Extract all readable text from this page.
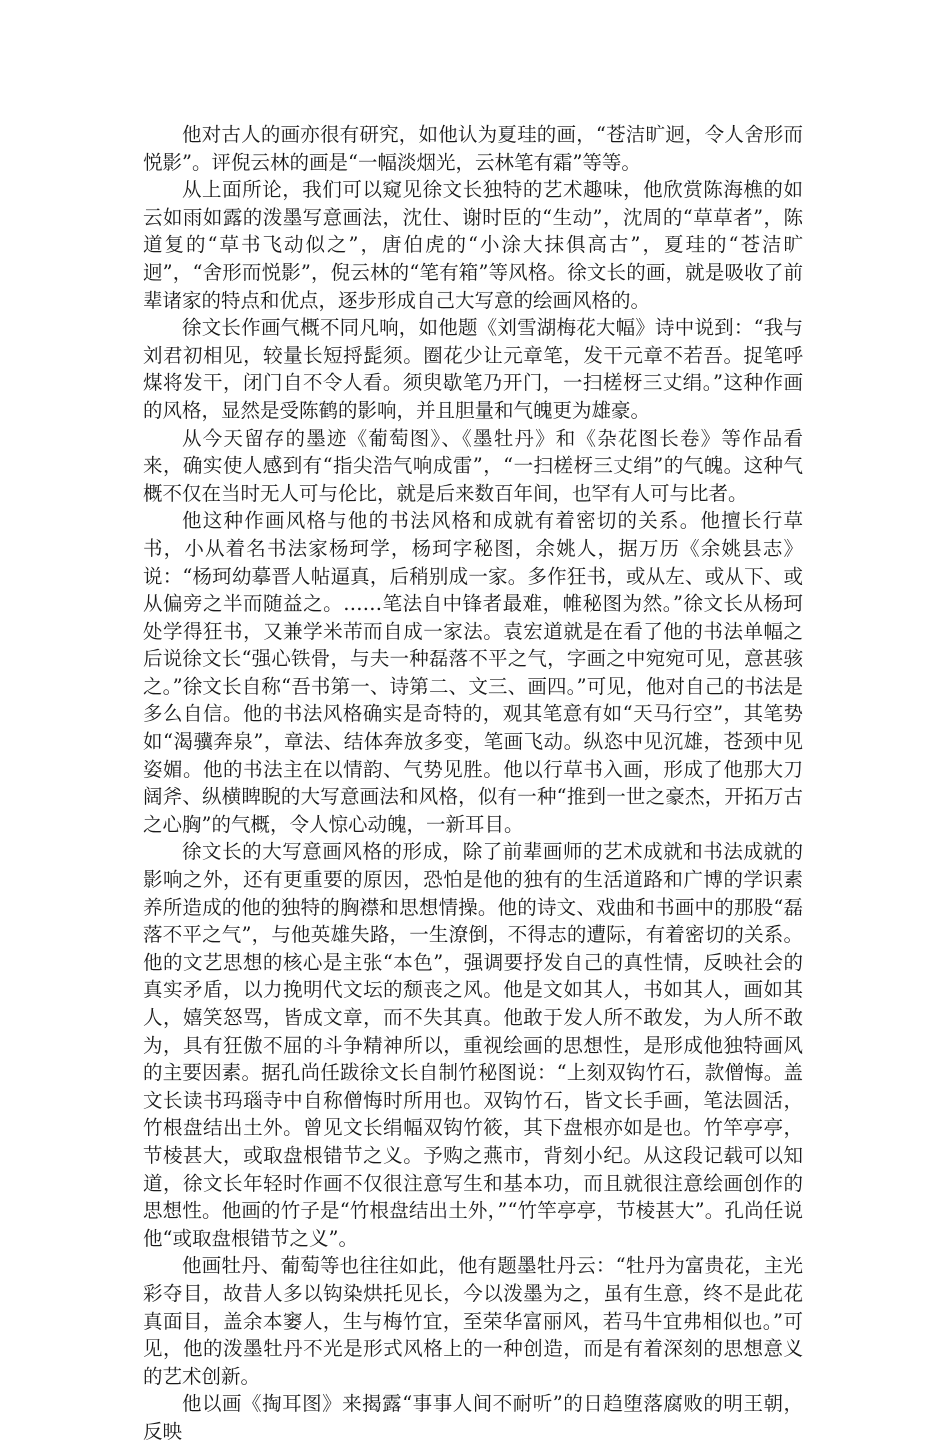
他对古人的画亦很有研究，如他认为夏珪的画，“苍洁旷迥，令人舍形而悦影”。评倪云林的画是“一幅淡烟光，云林笔有霜”等等。

从上面所论，我们可以窥见徐文长独特的艺术趣味，他欣赏陈海樵的如云如雨如露的泼墨写意画法，沈仕、谢时臣的“生动”，沈周的“草草者”，陈道复的“草书飞动似之”，唐伯虎的“小涂大抹俱高古”，夏珪的“苍洁旷迥”，“舍形而悦影”，倪云林的“笔有箱”等风格。徐文长的画，就是吸收了前辈诸家的特点和优点，逐步形成自己大写意的绘画风格的。

徐文长作画气概不同凡响，如他题《刘雪湖梅花大幅》诗中说到：“我与刘君初相见，较量长短捋髭须。圈花少让元章笔，发干元章不若吾。捉笔呼煤将发干，闭门自不令人看。须臾歇笔乃开门，一扫槎枒三丈绢。”这种作画的风格，显然是受陈鹤的影响，并且胆量和气魄更为雄豪。

从今天留存的墨迹《葡萄图》、《墨牡丹》和《杂花图长卷》等作品看来，确实使人感到有“指尖浩气响成雷”，“一扫槎枒三丈绢”的气魄。这种气概不仅在当时无人可与伦比，就是后来数百年间，也罕有人可与比者。

他这种作画风格与他的书法风格和成就有着密切的关系。他擅长行草书，小从着名书法家杨珂学，杨珂字秘图，余姚人，据万历《余姚县志》说：“杨珂幼摹晋人帖逼真，后稍别成一家。多作狂书，或从左、或从下、或从偏旁之半而随益之。……笔法自中锋者最难，帷秘图为然。”徐文长从杨珂处学得狂书，又兼学米芾而自成一家法。袁宏道就是在看了他的书法单幅之后说徐文长“强心铁骨，与夫一种磊落不平之气，字画之中宛宛可见，意甚骇之。”徐文长自称“吾书第一、诗第二、文三、画四。”可见，他对自己的书法是多么自信。他的书法风格确实是奇特的，观其笔意有如“天马行空”，其笔势如“渴骥奔泉”，章法、结体奔放多变，笔画飞动。纵恣中见沉雄，苍颈中见姿媚。他的书法主在以情韵、气势见胜。他以行草书入画，形成了他那大刀阔斧、纵横睥睨的大写意画法和风格，似有一种“推到一世之豪杰，开拓万古之心胸”的气概，令人惊心动魄，一新耳目。

徐文长的大写意画风格的形成，除了前辈画师的艺术成就和书法成就的影响之外，还有更重要的原因，恐怕是他的独有的生活道路和广博的学识素养所造成的他的独特的胸襟和思想情操。他的诗文、戏曲和书画中的那股“磊落不平之气”，与他英雄失路，一生潦倒，不得志的遭际，有着密切的关系。他的文艺思想的核心是主张“本色”，强调要抒发自己的真性情，反映社会的真实矛盾，以力挽明代文坛的颓丧之风。他是文如其人，书如其人，画如其人，嬉笑怒骂，皆成文章，而不失其真。他敢于发人所不敢发，为人所不敢为，具有狂傲不屈的斗争精神所以，重视绘画的思想性，是形成他独特画风的主要因素。据孔尚任跋徐文长自制竹秘图说：“上刻双钩竹石，款僧悔。盖文长读书玛瑙寺中自称僧悔时所用也。双钩竹石，皆文长手画，笔法圆活，竹根盘结出土外。曾见文长绢幅双钩竹筱，其下盘根亦如是也。竹竿亭亭，节棱甚大，或取盘根错节之义。予购之燕市，背刻小纪。从这段记载可以知道，徐文长年轻时作画不仅很注意写生和基本功，而且就很注意绘画创作的思想性。他画的竹子是“竹根盘结出土外，”“竹竿亭亭，节棱甚大”。孔尚任说他“或取盘根错节之义”。

他画牡丹、葡萄等也往往如此，他有题墨牡丹云：“牡丹为富贵花，主光彩夺目，故昔人多以钩染烘托见长，今以泼墨为之，虽有生意，终不是此花真面目，盖余本窭人，生与梅竹宜，至荣华富丽风，若马牛宜弗相似也。”可见，他的泼墨牡丹不光是形式风格上的一种创造，而是有着深刻的思想意义的艺术创新。

他以画《掏耳图》来揭露“事事人间不耐听”的日趋堕落腐败的明王朝，反映
